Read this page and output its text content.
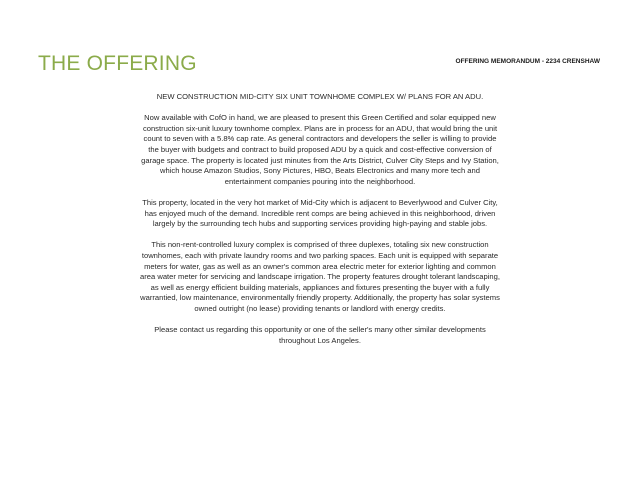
THE OFFERING	OFFERING MEMORANDUM - 2234 CRENSHAW

NEW CONSTRUCTION MID-CITY SIX UNIT TOWNHOME COMPLEX W/ PLANS FOR AN ADU.

Now available with CofO in hand, we are pleased to present this Green Certified and solar equipped new construction six-unit luxury townhome complex. Plans are in process for an ADU, that would bring the unit count to seven with a 5.8% cap rate. As general contractors and developers the seller is willing to provide the buyer with budgets and contract to build proposed ADU by a quick and cost-effective conversion of garage space. The property is located just minutes from the Arts District, Culver City Steps and Ivy Station, which house Amazon Studios, Sony Pictures, HBO, Beats Electronics and many more tech and entertainment companies pouring into the neighborhood.

This property, located in the very hot market of Mid-City which is adjacent to Beverlywood and Culver City, has enjoyed much of the demand. Incredible rent comps are being achieved in this neighborhood, driven largely by the surrounding tech hubs and supporting services providing high-paying and stable jobs.

This non-rent-controlled luxury complex is comprised of three duplexes, totaling six new construction townhomes, each with private laundry rooms and two parking spaces. Each unit is equipped with separate meters for water, gas as well as an owner's common area electric meter for exterior lighting and common area water meter for servicing and landscape irrigation. The property features drought tolerant landscaping, as well as energy efficient building materials, appliances and fixtures presenting the buyer with a fully warrantied, low maintenance, environmentally friendly property. Additionally, the property has solar systems owned outright (no lease) providing tenants or landlord with energy credits.

Please contact us regarding this opportunity or one of the seller's many other similar developments throughout Los Angeles.
